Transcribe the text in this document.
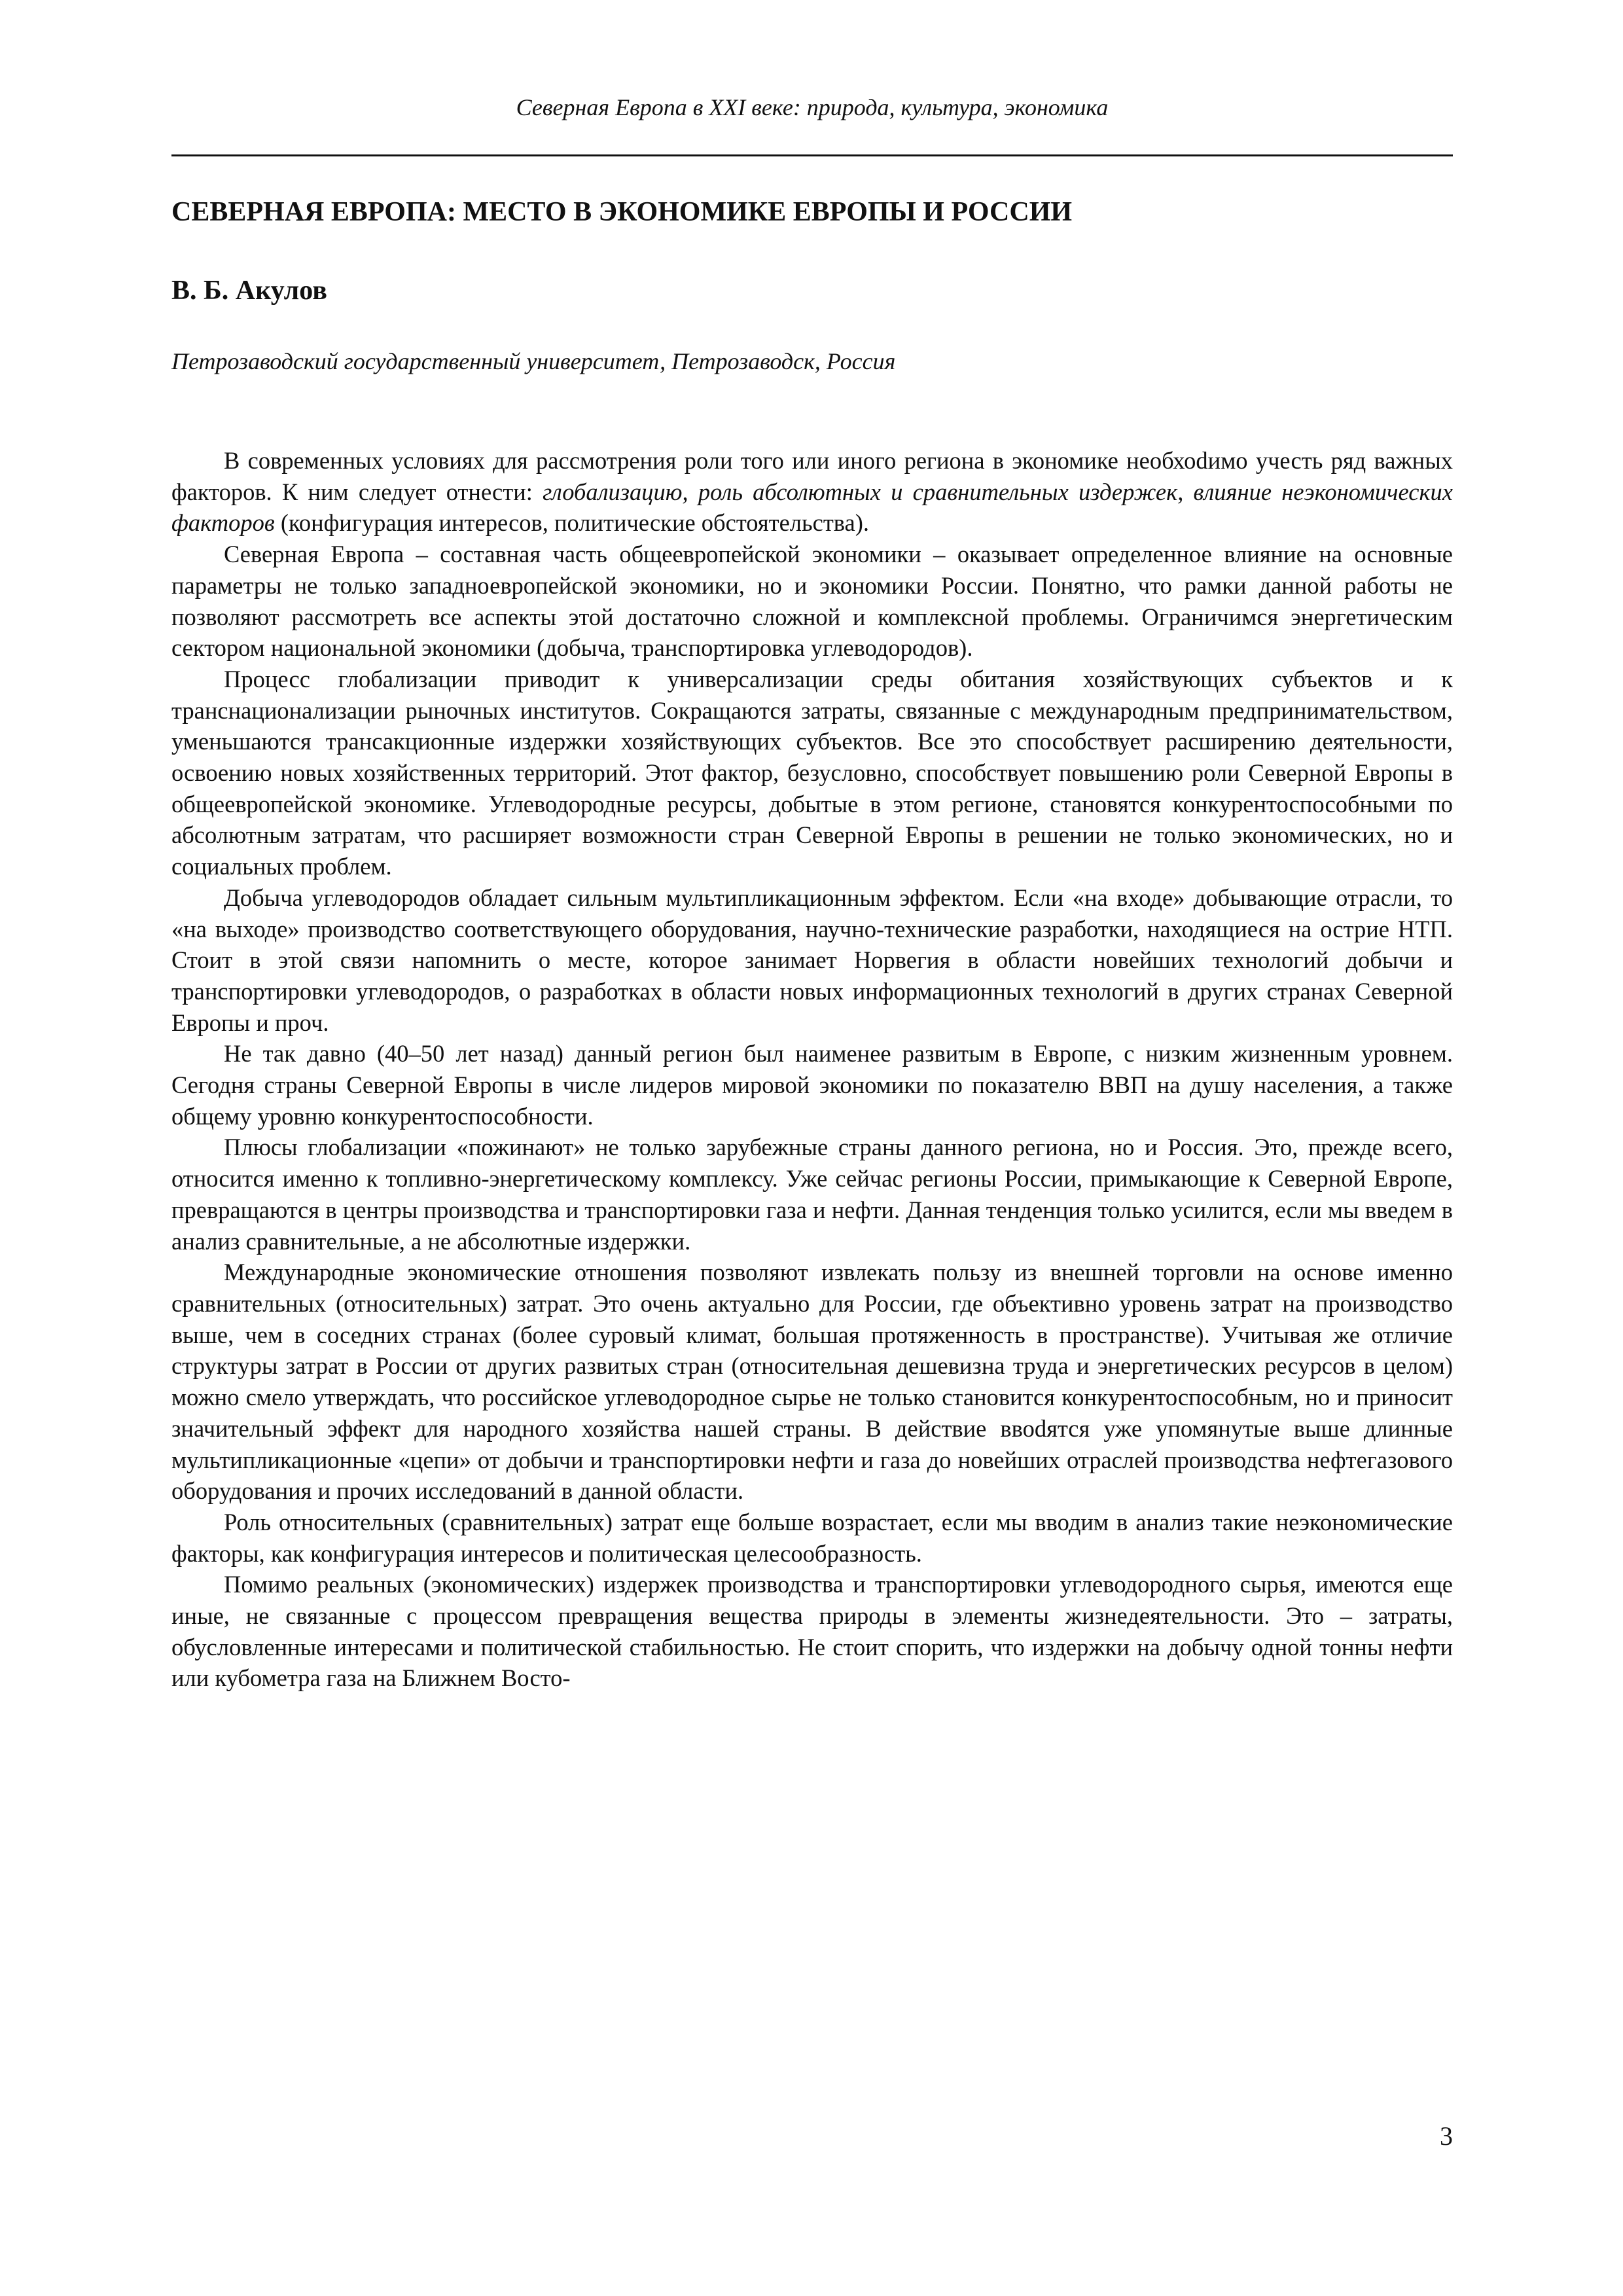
Северная Европа в XXI веке: природа, культура, экономика
СЕВЕРНАЯ ЕВРОПА: МЕСТО В ЭКОНОМИКЕ ЕВРОПЫ И РОССИИ
В. Б. Акулов
Петрозаводский государственный университет, Петрозаводск, Россия

В современных условиях для рассмотрения роли того или иного региона в экономике необхоdимо учесть ряд важных факторов. К ним следует отнести: глобализацию, роль абсолютных и сравнительных издержек, влияние неэкономических факторов (конфигурация интересов, политические обстоятельства).

Северная Европа – составная часть общеевропейской экономики – оказывает определенное влияние на основные параметры не только западноевропейской экономики, но и экономики России. Понятно, что рамки данной работы не позволяют рассмотреть все аспекты этой достаточно сложной и комплексной проблемы. Ограничимся энергетическим сектором национальной экономики (добыча, транспортировка углеводородов).

Процесс глобализации приводит к универсализации среды обитания хозяйствующих субъектов и к транснационализации рыночных институтов. Сокращаются затраты, связанные с международным предпринимательством, уменьшаются трансакционные издержки хозяйствующих субъектов. Все это способствует расширению деятельности, освоению новых хозяйственных территорий. Этот фактор, безусловно, способствует повышению роли Северной Европы в общеевропейской экономике. Углеводородные ресурсы, добытые в этом регионе, становятся конкурентоспособными по абсолютным затратам, что расширяет возможности стран Северной Европы в решении не только экономических, но и социальных проблем.

Добыча углеводородов обладает сильным мультипликационным эффектом. Если «на входе» добывающие отрасли, то «на выходе» производство соответствующего оборудования, научно-технические разработки, находящиеся на острие НТП. Стоит в этой связи напомнить о месте, которое занимает Норвегия в области новейших технологий добычи и транспортировки углеводородов, о разработках в области новых информационных технологий в других странах Северной Европы и проч.

Не так давно (40–50 лет назад) данный регион был наименее развитым в Европе, с низким жизненным уровнем. Сегодня страны Северной Европы в числе лидеров мировой экономики по показателю ВВП на душу населения, а также общему уровню конкурентоспособности.

Плюсы глобализации «пожинают» не только зарубежные страны данного региона, но и Россия. Это, прежде всего, относится именно к топливно-энергетическому комплексу. Уже сейчас регионы России, примыкающие к Северной Европе, превращаются в центры производства и транспортировки газа и нефти. Данная тенденция только усилится, если мы введем в анализ сравнительные, а не абсолютные издержки.

Международные экономические отношения позволяют извлекать пользу из внешней торговли на основе именно сравнительных (относительных) затрат. Это очень актуально для России, где объективно уровень затрат на производство выше, чем в соседних странах (более суровый климат, большая протяженность в пространстве). Учитывая же отличие структуры затрат в России от других развитых стран (относительная дешевизна труда и энергетических ресурсов в целом) можно смело утверждать, что российское углеводородное сырье не только становится конкурентоспособным, но и приносит значительный эффект для народного хозяйства нашей страны. В действие ввоdятся уже упомянутые выше длинные мультипликационные «цепи» от добычи и транспортировки нефти и газа до новейших отраслей производства нефтегазового оборудования и прочих исследований в данной области.

Роль относительных (сравнительных) затрат еще больше возрастает, если мы вводим в анализ такие неэкономические факторы, как конфигурация интересов и политическая целесообразность.

Помимо реальных (экономических) издержек производства и транспортировки углеводородного сырья, имеются еще иные, не связанные с процессом превращения вещества природы в элементы жизнедеятельности. Это – затраты, обусловленные интересами и политической стабильностью. Не стоит спорить, что издержки на добычу одной тонны нефти или кубометра газа на Ближнем Восто-

3
